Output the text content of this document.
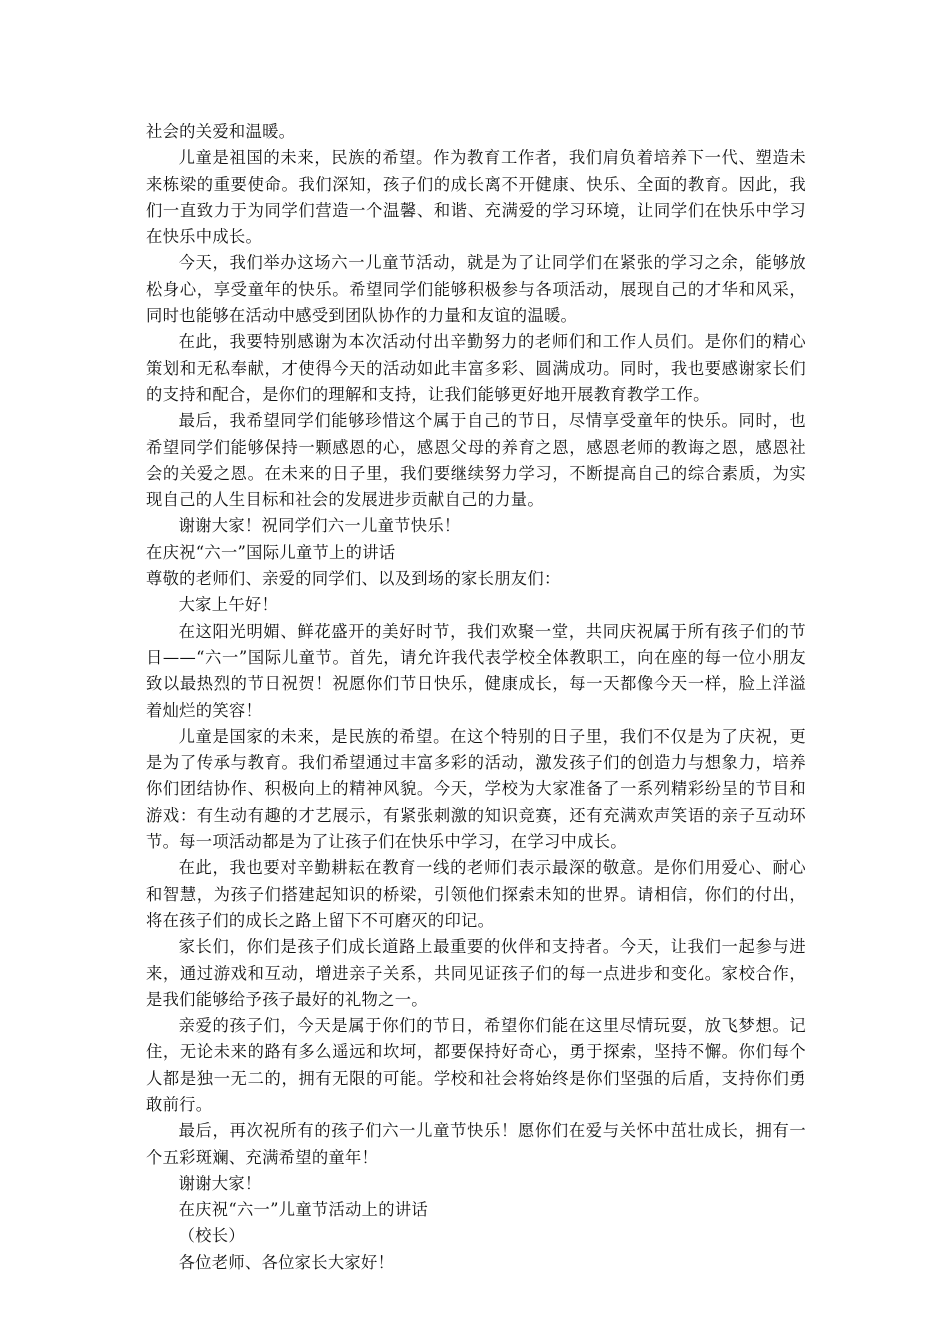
社会的关爱和温暖。

儿童是祖国的未来，民族的希望。作为教育工作者，我们肩负着培养下一代、塑造未来栋梁的重要使命。我们深知，孩子们的成长离不开健康、快乐、全面的教育。因此，我们一直致力于为同学们营造一个温馨、和谐、充满爱的学习环境，让同学们在快乐中学习在快乐中成长。

今天，我们举办这场六一儿童节活动，就是为了让同学们在紧张的学习之余，能够放松身心，享受童年的快乐。希望同学们能够积极参与各项活动，展现自己的才华和风采，同时也能够在活动中感受到团队协作的力量和友谊的温暖。

在此，我要特别感谢为本次活动付出辛勤努力的老师们和工作人员们。是你们的精心策划和无私奉献，才使得今天的活动如此丰富多彩、圆满成功。同时，我也要感谢家长们的支持和配合，是你们的理解和支持，让我们能够更好地开展教育教学工作。

最后，我希望同学们能够珍惜这个属于自己的节日，尽情享受童年的快乐。同时，也希望同学们能够保持一颗感恩的心，感恩父母的养育之恩，感恩老师的教诲之恩，感恩社会的关爱之恩。在未来的日子里，我们要继续努力学习，不断提高自己的综合素质，为实现自己的人生目标和社会的发展进步贡献自己的力量。

谢谢大家！祝同学们六一儿童节快乐！

在庆祝“六一”国际儿童节上的讲话

尊敬的老师们、亲爱的同学们、以及到场的家长朋友们：

大家上午好！

在这阳光明媚、鲜花盛开的美好时节，我们欢聚一堂，共同庆祝属于所有孩子们的节日——“六一”国际儿童节。首先，请允许我代表学校全体教职工，向在座的每一位小朋友致以最热烈的节日祝贺！祝愿你们节日快乐，健康成长，每一天都像今天一样，脸上洋溢着灿烂的笑容！

儿童是国家的未来，是民族的希望。在这个特别的日子里，我们不仅是为了庆祝，更是为了传承与教育。我们希望通过丰富多彩的活动，激发孩子们的创造力与想象力，培养你们团结协作、积极向上的精神风貌。今天，学校为大家准备了一系列精彩纷呈的节目和游戏：有生动有趣的才艺展示，有紧张刺激的知识竞赛，还有充满欢声笑语的亲子互动环节。每一项活动都是为了让孩子们在快乐中学习，在学习中成长。

在此，我也要对辛勤耕耘在教育一线的老师们表示最深的敬意。是你们用爱心、耐心和智慧，为孩子们搭建起知识的桥梁，引领他们探索未知的世界。请相信，你们的付出，将在孩子们的成长之路上留下不可磨灭的印记。

家长们，你们是孩子们成长道路上最重要的伙伴和支持者。今天，让我们一起参与进来，通过游戏和互动，增进亲子关系，共同见证孩子们的每一点进步和变化。家校合作，是我们能够给予孩子最好的礼物之一。

亲爱的孩子们，今天是属于你们的节日，希望你们能在这里尽情玩耍，放飞梦想。记住，无论未来的路有多么遥远和坎坷，都要保持好奇心，勇于探索，坚持不懈。你们每个人都是独一无二的，拥有无限的可能。学校和社会将始终是你们坚强的后盾，支持你们勇敢前行。

最后，再次祝所有的孩子们六一儿童节快乐！愿你们在爱与关怀中茁壮成长，拥有一个五彩斑斓、充满希望的童年！

谢谢大家！

在庆祝“六一”儿童节活动上的讲话

（校长）

各位老师、各位家长大家好！
